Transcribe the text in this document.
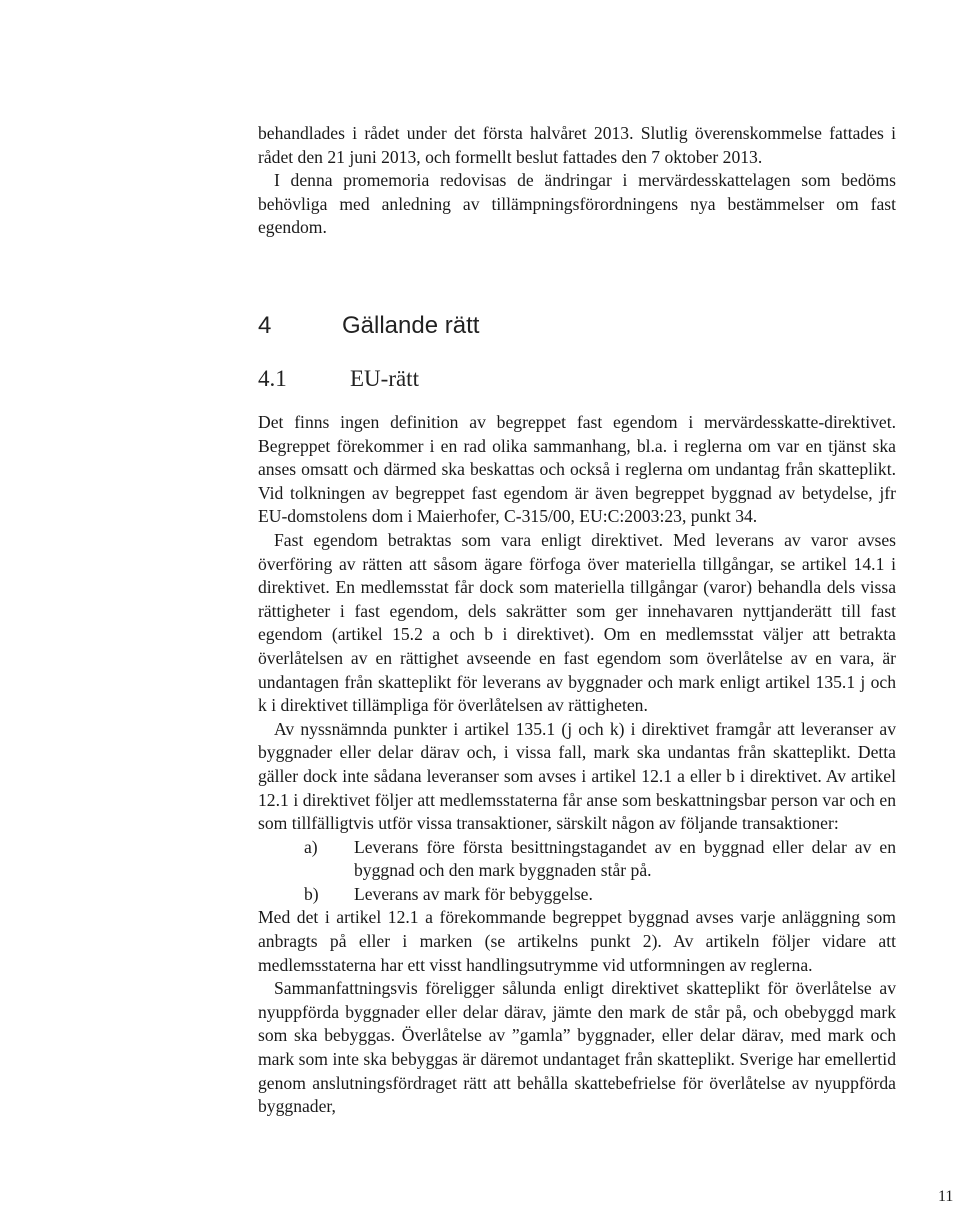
behandlades i rådet under det första halvåret 2013. Slutlig överenskommelse fattades i rådet den 21 juni 2013, och formellt beslut fattades den 7 oktober 2013.

I denna promemoria redovisas de ändringar i mervärdesskattelagen som bedöms behövliga med anledning av tillämpningsförordningens nya bestämmelser om fast egendom.

4	Gällande rätt
4.1	EU-rätt

Det finns ingen definition av begreppet fast egendom i mervärdesskatte-direktivet. Begreppet förekommer i en rad olika sammanhang, bl.a. i reglerna om var en tjänst ska anses omsatt och därmed ska beskattas och också i reglerna om undantag från skatteplikt. Vid tolkningen av begreppet fast egendom är även begreppet byggnad av betydelse, jfr EU-domstolens dom i Maierhofer, C-315/00, EU:C:2003:23, punkt 34.

Fast egendom betraktas som vara enligt direktivet. Med leverans av varor avses överföring av rätten att såsom ägare förfoga över materiella tillgångar, se artikel 14.1 i direktivet. En medlemsstat får dock som materiella tillgångar (varor) behandla dels vissa rättigheter i fast egendom, dels sakrätter som ger innehavaren nyttjanderätt till fast egendom (artikel 15.2 a och b i direktivet). Om en medlemsstat väljer att betrakta överlåtelsen av en rättighet avseende en fast egendom som överlåtelse av en vara, är undantagen från skatteplikt för leverans av byggnader och mark enligt artikel 135.1 j och k i direktivet tillämpliga för överlåtelsen av rättigheten.

Av nyssnämnda punkter i artikel 135.1 (j och k) i direktivet framgår att leveranser av byggnader eller delar därav och, i vissa fall, mark ska undantas från skatteplikt. Detta gäller dock inte sådana leveranser som avses i artikel 12.1 a eller b i direktivet. Av artikel 12.1 i direktivet följer att medlemsstaterna får anse som beskattningsbar person var och en som tillfälligtvis utför vissa transaktioner, särskilt någon av följande transaktioner:

a)	Leverans före första besittningstagandet av en byggnad eller delar av en byggnad och den mark byggnaden står på.
b)	Leverans av mark för bebyggelse.

Med det i artikel 12.1 a förekommande begreppet byggnad avses varje anläggning som anbragts på eller i marken (se artikelns punkt 2). Av artikeln följer vidare att medlemsstaterna har ett visst handlingsutrymme vid utformningen av reglerna.

Sammanfattningsvis föreligger sålunda enligt direktivet skatteplikt för överlåtelse av nyuppförda byggnader eller delar därav, jämte den mark de står på, och obebyggd mark som ska bebyggas. Överlåtelse av ”gamla” byggnader, eller delar därav, med mark och mark som inte ska bebyggas är däremot undantaget från skatteplikt. Sverige har emellertid genom anslutningsfördraget rätt att behålla skattebefrielse för överlåtelse av nyuppförda byggnader,

11
